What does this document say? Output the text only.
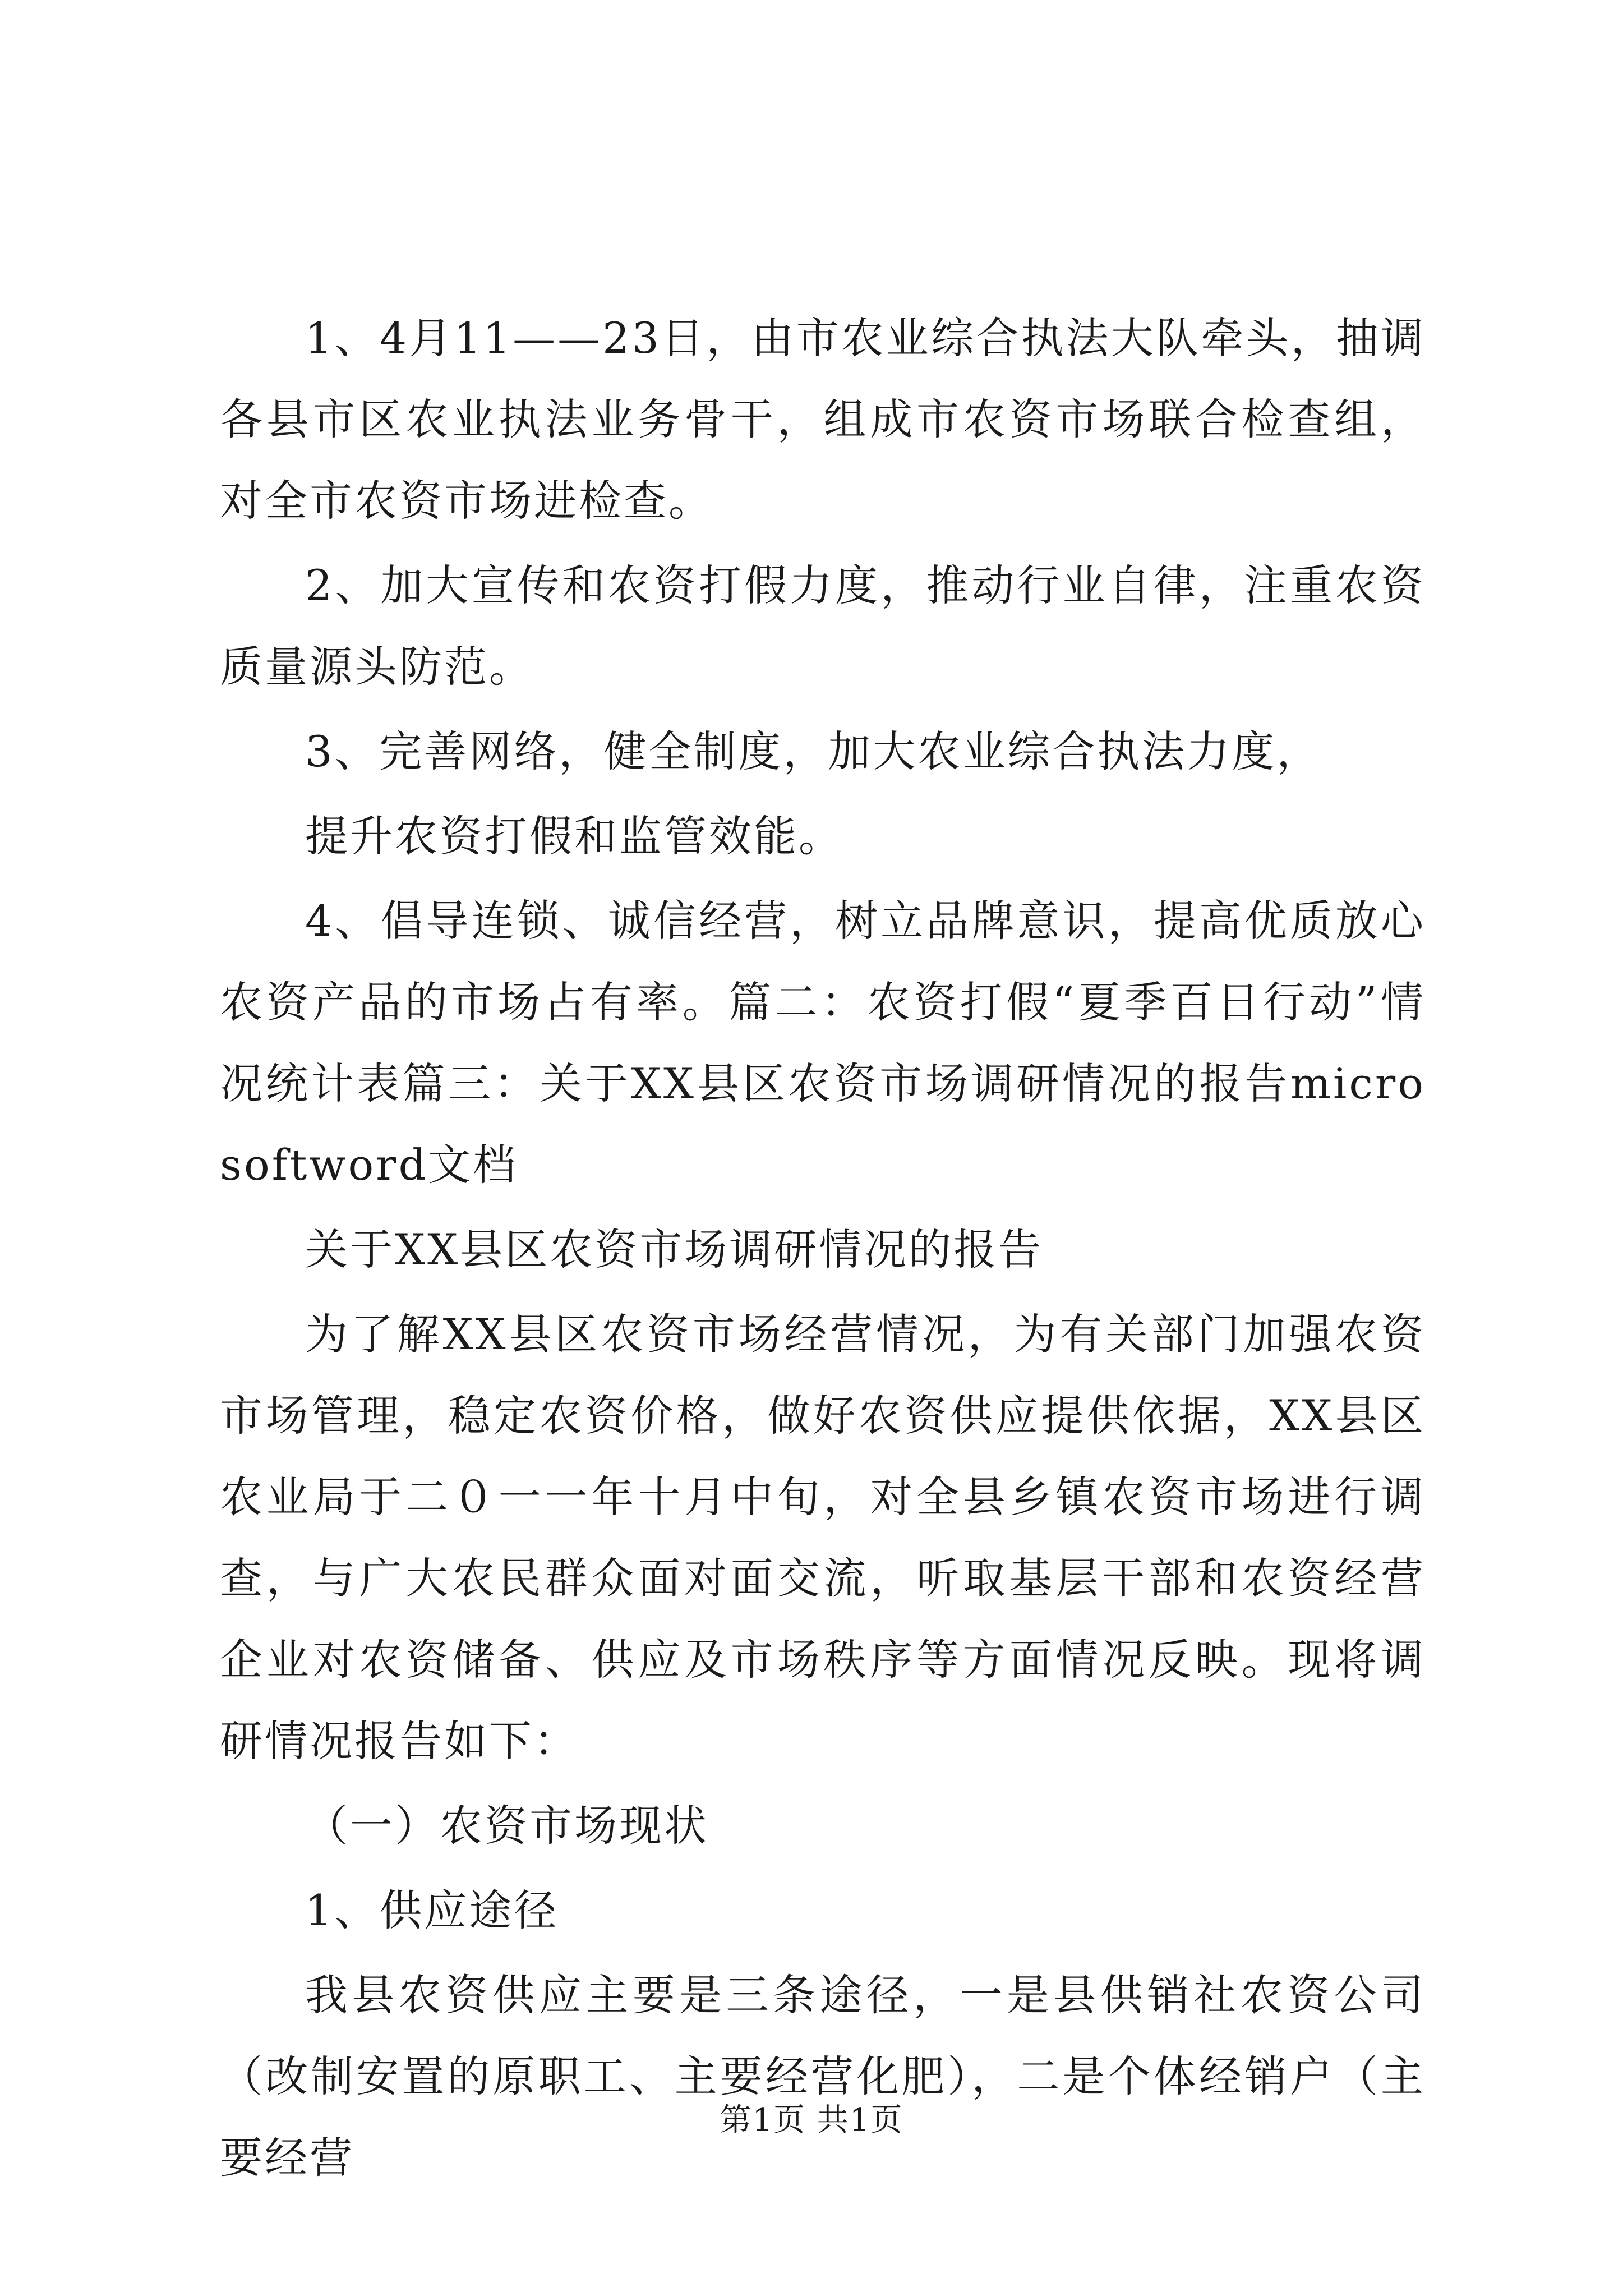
1、4月11——23日，由市农业综合执法大队牵头，抽调各县市区农业执法业务骨干，组成市农资市场联合检查组，对全市农资市场进检查。

2、加大宣传和农资打假力度，推动行业自律，注重农资质量源头防范。

3、完善网络，健全制度，加大农业综合执法力度，

提升农资打假和监管效能。

4、倡导连锁、诚信经营，树立品牌意识，提高优质放心农资产品的市场占有率。篇二：农资打假“夏季百日行动”情况统计表篇三：关于XX县区农资市场调研情况的报告microsoftword文档

关于XX县区农资市场调研情况的报告

为了解XX县区农资市场经营情况，为有关部门加强农资市场管理，稳定农资价格，做好农资供应提供依据，XX县区农业局于二０一一年十月中旬，对全县乡镇农资市场进行调查，与广大农民群众面对面交流，听取基层干部和农资经营企业对农资储备、供应及市场秩序等方面情况反映。现将调研情况报告如下：

（一）农资市场现状

1、供应途径

我县农资供应主要是三条途径，一是县供销社农资公司（改制安置的原职工、主要经营化肥），二是个体经销户（主要经营

第1页 共1页
